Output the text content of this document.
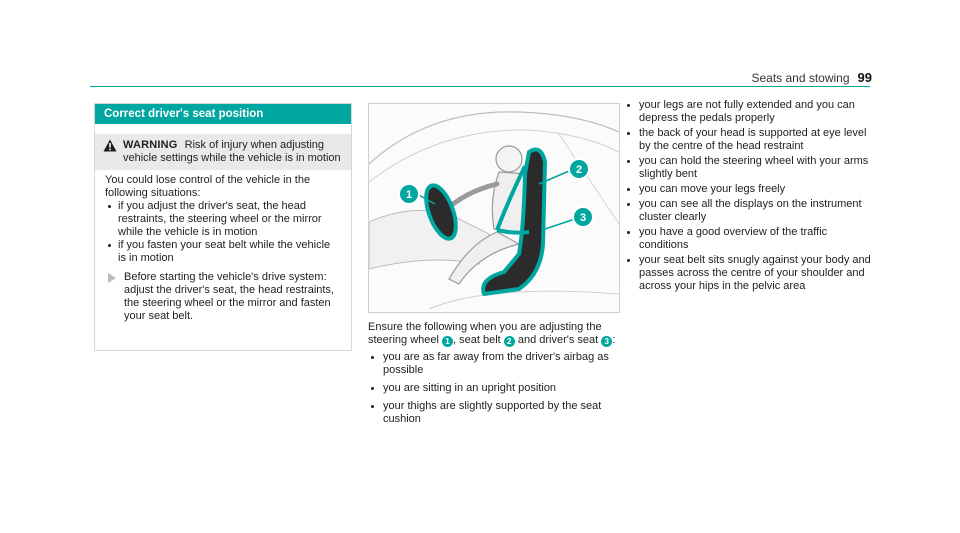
Seats and stowing 99
Correct driver's seat position
WARNING Risk of injury when adjusting
vehicle settings while the vehicle is in motion
You could lose control of the vehicle in the following situations:
if you adjust the driver's seat, the head restraints, the steering wheel or the mirror while the vehicle is in motion
if you fasten your seat belt while the vehicle is in motion
Before starting the vehicle's drive system: adjust the driver's seat, the head restraints, the steering wheel or the mirror and fasten your seat belt.
1
2
3
Ensure the following when you are adjusting the steering wheel 1 , seat belt 2 and driver's seat 3 :
you are as far away from the driver's airbag as possible
you are sitting in an upright position
your thighs are slightly supported by the seat cushion
your legs are not fully extended and you can depress the pedals properly
the back of your head is supported at eye level by the centre of the head restraint
you can hold the steering wheel with your arms slightly bent
you can move your legs freely
you can see all the displays on the instrument cluster clearly
you have a good overview of the traffic conditions
your seat belt sits snugly against your body and passes across the centre of your shoulder and across your hips in the pelvic area
